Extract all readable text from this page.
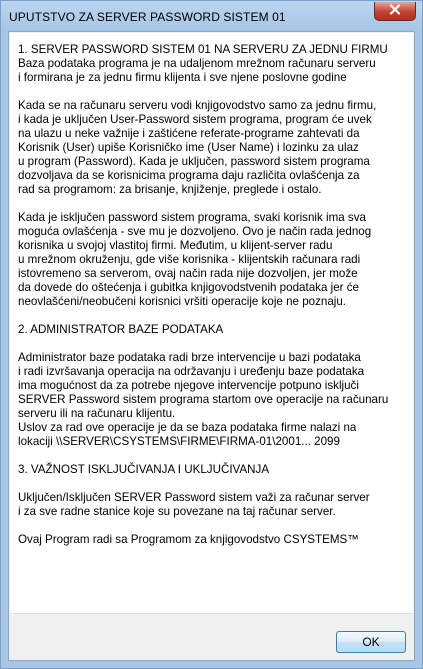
UPUTSTVO ZA SERVER PASSWORD SISTEM 01
1. SERVER PASSWORD SISTEM 01 NA SERVERU ZA JEDNU FIRMU
Baza podataka programa je na udaljenom mrežnom računaru serveru
i formirana je za jednu firmu klijenta i sve njene poslovne godine
Kada se na računaru serveru vodi knjigovodstvo samo za jednu firmu,
i kada je uključen User-Password sistem programa, program će uvek
na ulazu u neke važnije i zaštićene referate-programe zahtevati da
Korisnik (User) upiše Korisničko ime (User Name) i lozinku za ulaz
u program (Password). Kada je uključen, password sistem programa
dozvoljava da se korisnicima programa daju različita ovlašćenja za
rad sa programom: za brisanje, knjiženje, preglede i ostalo.
Kada je isključen password sistem programa, svaki korisnik ima sva
moguća ovlašćenja - sve mu je dozvoljeno. Ovo je način rada jednog
korisnika u svojoj vlastitoj firmi. Međutim, u klijent-server radu
u mrežnom okruženju, gde više korisnika - klijentskih računara radi
istovremeno sa serverom, ovaj način rada nije dozvoljen, jer može
da dovede do oštećenja i gubitka knjigovodstvenih podataka jer će
neovlašćeni/neobučeni korisnici vršiti operacije koje ne poznaju.
2. ADMINISTRATOR BAZE PODATAKA
Administrator baze podataka radi brze intervencije u bazi podataka
i radi izvršavanja operacija na održavanju i uređenju baze podataka
ima mogućnost da za potrebe njegove intervencije potpuno isključi
SERVER Password sistem programa startom ove operacije na računaru
serveru ili na računaru klijentu.
Uslov za rad ove operacije je da se baza podataka firme nalazi na
lokaciji \\SERVER\CSYSTEMS\FIRME\FIRMA-01\2001... 2099
3. VAŽNOST ISKLJUČIVANJA I UKLJUČIVANJA
Uključen/Isključen SERVER Password sistem važi za računar server
i za sve radne stanice koje su povezane na taj računar server.
Ovaj Program radi sa Programom za knjigovodstvo CSYSTEMS™
OK
